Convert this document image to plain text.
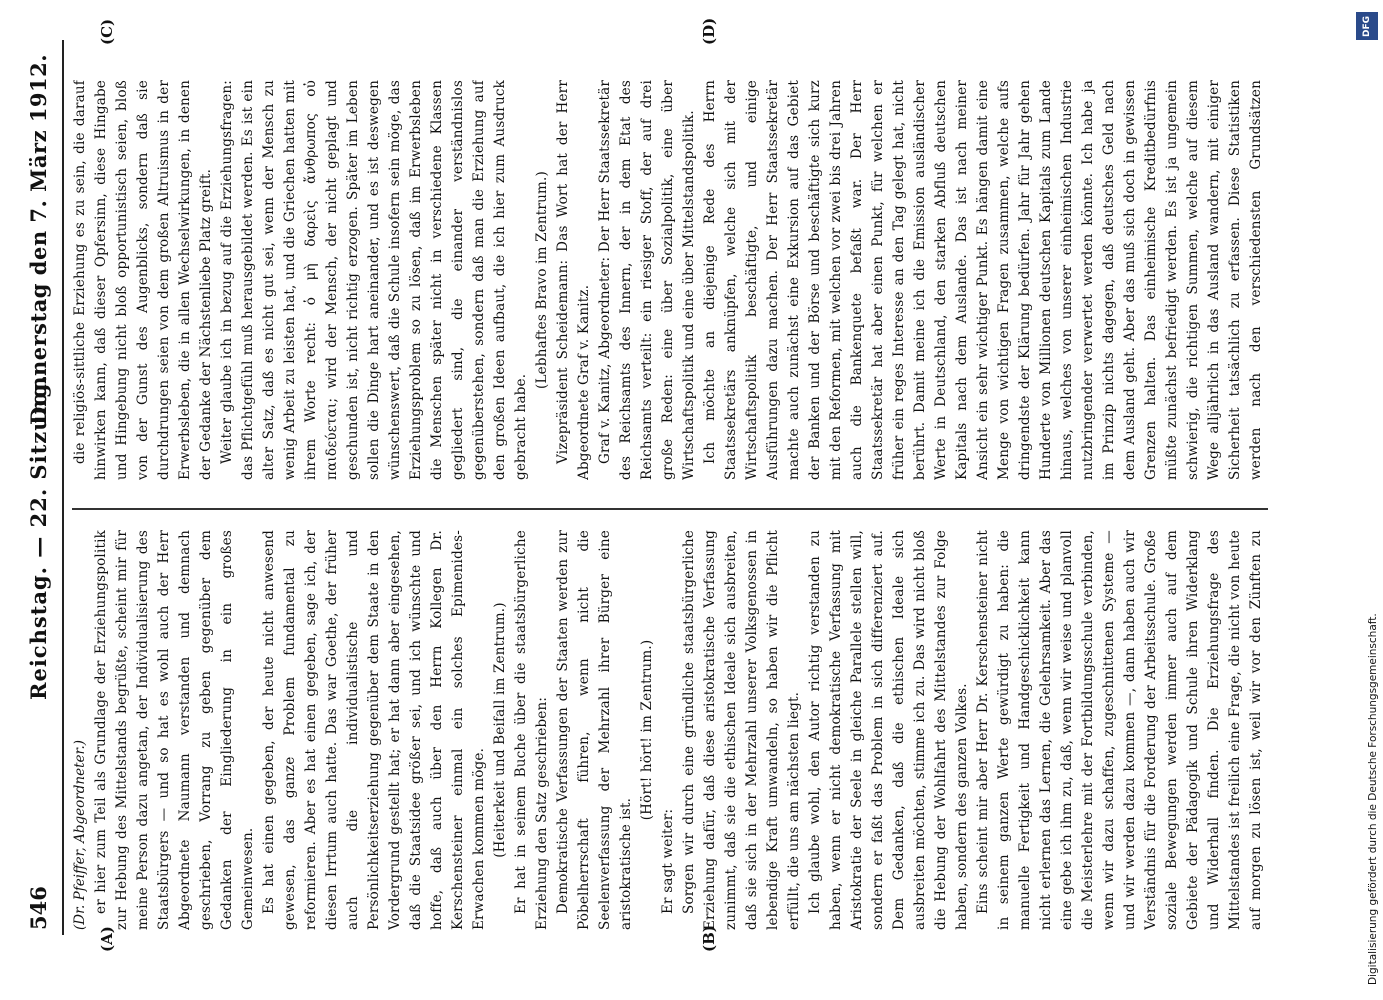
546
Reichstag. — 22. Sitzung.
Donnerstag den 7. März 1912.
(A)	(B)
(C)	(D)

(Dr. Pfeiffer, Abgeordneter.) er hier zum Teil als Grundlage der Erziehungspolitik zur Hebung des Mittelstands begrüßte, scheint mir für meine Person dazu angetan, der Individualisierung des Staatsbürgers — und so hat es wohl auch der Herr Abgeordnete Naumann verstanden und demnach geschrieben, Vorrang zu geben gegenüber dem Gedanken der Eingliederung in ein großes Gemeinwesen. Es hat einen gegeben, der heute nicht anwesend gewesen, das ganze Problem fundamental zu reformieren. Aber es hat einen gegeben, sage ich, der diesen Irrtum auch hatte. Das war Goethe, der früher auch die individualistische und Persönlichkeitserziehung gegenüber dem Staate in den Vordergrund gestellt hat; er hat dann aber eingesehen, daß die Staatsidee größer sei, und ich wünschte und hoffe, daß auch über den Herrn Kollegen Dr. Kerschensteiner einmal ein solches Epimenides-Erwachen kommen möge. (Heiterkeit und Beifall im Zentrum.) Er hat in seinem Buche über die staatsbürgerliche Erziehung den Satz geschrieben: Demokratische Verfassungen der Staaten werden zur Pöbelherrschaft führen, wenn nicht die Seelenverfassung der Mehrzahl ihrer Bürger eine aristokratische ist.

(Hört! hört! im Zentrum.)

Er sagt weiter: Sorgen wir durch eine gründliche staatsbürgerliche Erziehung dafür, daß diese aristokratische Verfassung zunimmt, daß sie die ethischen Ideale sich ausbreiten, daß sie sich in der Mehrzahl unserer Volksgenossen in lebendige Kraft umwandeln, so haben wir die Pflicht erfüllt, die uns am nächsten liegt. Ich glaube wohl, den Autor richtig verstanden zu haben, wenn er nicht demokratische Verfassung mit Aristokratie der Seele in gleiche Parallele stellen will, sondern er faßt das Problem in sich differenziert auf. Dem Gedanken, daß die ethischen Ideale sich ausbreiten möchten, stimme ich zu. Das wird nicht bloß die Hebung der Wohlfahrt des Mittelstandes zur Folge haben, sondern des ganzen Volkes. Eins scheint mir aber Herr Dr. Kerschensteiner nicht in seinem ganzen Werte gewürdigt zu haben: die manuelle Fertigkeit und Handgeschicklichkeit kann nicht erlernen das Lernen, die Gelehrsamkeit. Aber das eine gebe ich ihm zu, daß, wenn wir weise und planvoll die Meisterlehre mit der Fortbildungsschule verbinden, wenn wir dazu schaffen, zugeschnittenen Systeme — und wir werden dazu kommen —, dann haben auch wir Verständnis für die Forderung der Arbeitsschule. Große soziale Bewegungen werden immer auch auf dem Gebiete der Pädagogik und Schule ihren Widerklang und Widerhall finden. Die Erziehungsfrage des Mittelstandes ist freilich eine Frage, die nicht von heute auf morgen zu lösen ist, weil wir vor den Zünften zu

die religiös-sittliche Erziehung es zu sein, die darauf hinwirken kann, daß dieser Opfersinn, diese Hingabe und Hingebung nicht bloß opportunistisch seien, bloß von der Gunst des Augenblicks, sondern daß sie durchdrungen seien von dem großen Altruismus in der Erwerbsleben, die in allen Wechselwirkungen, in denen der Gedanke der Nächstenliebe Platz greift. Weiter glaube ich in bezug auf die Erziehungsfragen: das Pflichtgefühl muß herausgebildet werden. Es ist ein alter Satz, daß es nicht gut sei, wenn der Mensch zu wenig Arbeit zu leisten hat, und die Griechen hatten mit ihrem Worte recht: ὁ μὴ δαρεὶς ἄνθρωπος οὐ παιδεύεται; wird der Mensch, der nicht geplagt und geschunden ist, nicht richtig erzogen. Später im Leben sollen die Dinge hart aneinander, und es ist deswegen wünschenswert, daß die Schule insofern sein möge, das Erziehungsproblem so zu lösen, daß im Erwerbsleben die Menschen später nicht in verschiedene Klassen gegliedert sind, die einander verständnislos gegenüberstehen, sondern daß man die Erziehung auf den großen Ideen aufbaut, die ich hier zum Ausdruck gebracht habe.

(Lebhaftes Bravo im Zentrum.) Vizepräsident Scheidemann: Das Wort hat der Herr Abgeordnete Graf v. Kanitz. Graf v. Kanitz, Abgeordneter: Der Herr Staatssekretär des Reichsamts des Innern, der in dem Etat des Reichsamts verteilt: ein riesiger Stoff, der auf drei große Reden: eine über Sozialpolitik, eine über Wirtschaftspolitik und eine über Mittelstandspolitik. Ich möchte an diejenige Rede des Herrn Staatssekretärs anknüpfen, welche sich mit der Wirtschaftspolitik beschäftigte, und einige Ausführungen dazu machen. Der Herr Staatssekretär machte auch zunächst eine Exkursion auf das Gebiet der Banken und der Börse und beschäftigte sich kurz mit den Reformen, mit welchen vor zwei bis drei Jahren auch die Bankenquete befaßt war. Der Herr Staatssekretär hat aber einen Punkt, für welchen er früher ein reges Interesse an den Tag gelegt hat, nicht berührt. Damit meine ich die Emission ausländischer Werte in Deutschland, den starken Abfluß deutschen Kapitals nach dem Auslande. Das ist nach meiner Ansicht ein sehr wichtiger Punkt. Es hängen damit eine Menge von wichtigen Fragen zusammen, welche aufs dringendste der Klärung bedürfen. Jahr für Jahr gehen Hunderte von Millionen deutschen Kapitals zum Lande hinaus, welches von unserer einheimischen Industrie nutzbringender verwertet werden könnte. Ich habe ja im Prinzip nichts dagegen, daß deutsches Geld nach dem Ausland geht. Aber das muß sich doch in gewissen Grenzen halten. Das einheimische Kreditbedürfnis müßte zunächst befriedigt werden. Es ist ja ungemein schwierig, die richtigen Summen, welche auf diesem Wege alljährlich in das Ausland wandern, mit einiger Sicherheit tatsächlich zu erfassen. Diese Statistiken werden nach den verschiedensten Grundsätzen

Digitalisierung gefördert durch die Deutsche Forschungsgemeinschaft.
DFG
